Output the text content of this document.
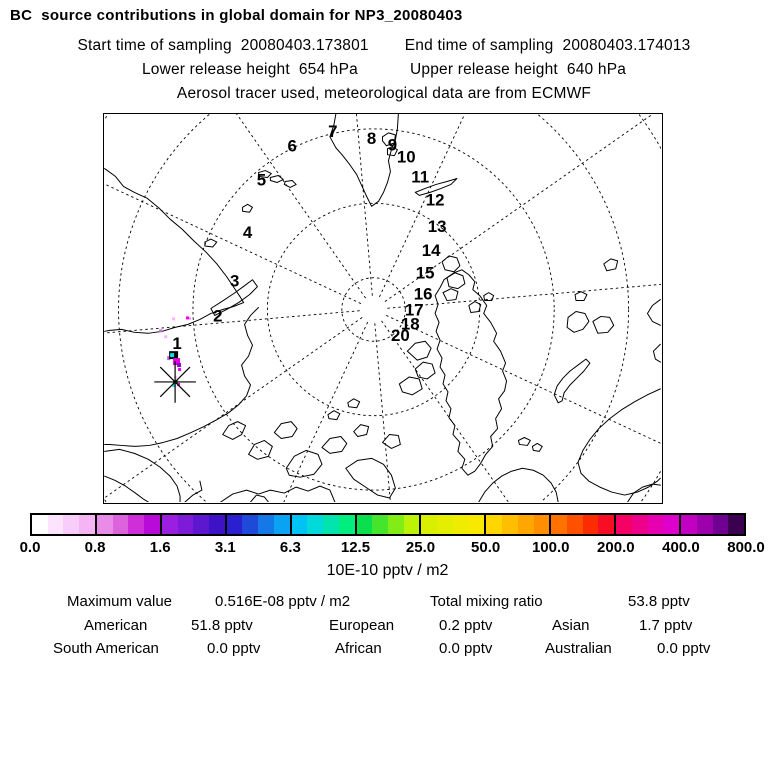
BC  source contributions in global domain for NP3_20080403
Start time of sampling 20080403.173801 End time of sampling 20080403.174013
Lower release height 654 hPa	Upper release height 640 hPa
Aerosol tracer used, meteorological data are from ECMWF
1
2
3
4
5
6
7 8 9
10
11
12
13
14
15
16
17
18
20
0.0	0.8	1.6	3.1	6.3	12.5 25.0 50.0 100.0 200.0 400.0 800.0
10E-10 pptv / m2
Maximum value	0.516E-08 pptv / m2	Total mixing ratio	53.8 pptv
American	51.8 pptv	European	0.2 pptv	Asian	1.7 pptv
South American	0.0 pptv	African	0.0 pptv	Australian	0.0 pptv
